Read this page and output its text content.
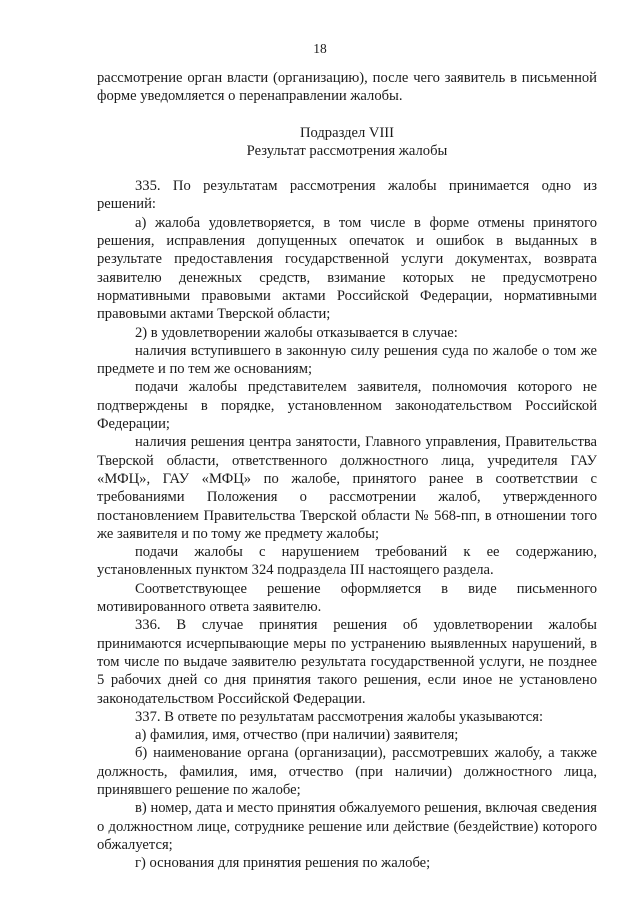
18

рассмотрение орган власти (организацию), после чего заявитель в письменной форме уведомляется о перенаправлении жалобы.

Подраздел VIII
Результат рассмотрения жалобы

335. По результатам рассмотрения жалобы принимается одно из решений:

а) жалоба удовлетворяется, в том числе в форме отмены принятого решения, исправления допущенных опечаток и ошибок в выданных в результате предоставления государственной услуги документах, возврата заявителю денежных средств, взимание которых не предусмотрено нормативными правовыми актами Российской Федерации, нормативными правовыми актами Тверской области;

2) в удовлетворении жалобы отказывается в случае:

наличия вступившего в законную силу решения суда по жалобе о том же предмете и по тем же основаниям;

подачи жалобы представителем заявителя, полномочия которого не подтверждены в порядке, установленном законодательством Российской Федерации;

наличия решения центра занятости, Главного управления, Правительства Тверской области, ответственного должностного лица, учредителя ГАУ «МФЦ», ГАУ «МФЦ» по жалобе, принятого ранее в соответствии с требованиями Положения о рассмотрении жалоб, утвержденного постановлением Правительства Тверской области № 568-пп, в отношении того же заявителя и по тому же предмету жалобы;

подачи жалобы с нарушением требований к ее содержанию, установленных пунктом 324 подраздела III настоящего раздела.

Соответствующее решение оформляется в виде письменного мотивированного ответа заявителю.

336. В случае принятия решения об удовлетворении жалобы принимаются исчерпывающие меры по устранению выявленных нарушений, в том числе по выдаче заявителю результата государственной услуги, не позднее 5 рабочих дней со дня принятия такого решения, если иное не установлено законодательством Российской Федерации.

337. В ответе по результатам рассмотрения жалобы указываются:

а) фамилия, имя, отчество (при наличии) заявителя;

б) наименование органа (организации), рассмотревших жалобу, а также должность, фамилия, имя, отчество (при наличии) должностного лица, принявшего решение по жалобе;

в) номер, дата и место принятия обжалуемого решения, включая сведения о должностном лице, сотруднике решение или действие (бездействие) которого обжалуется;

г) основания для принятия решения по жалобе;
